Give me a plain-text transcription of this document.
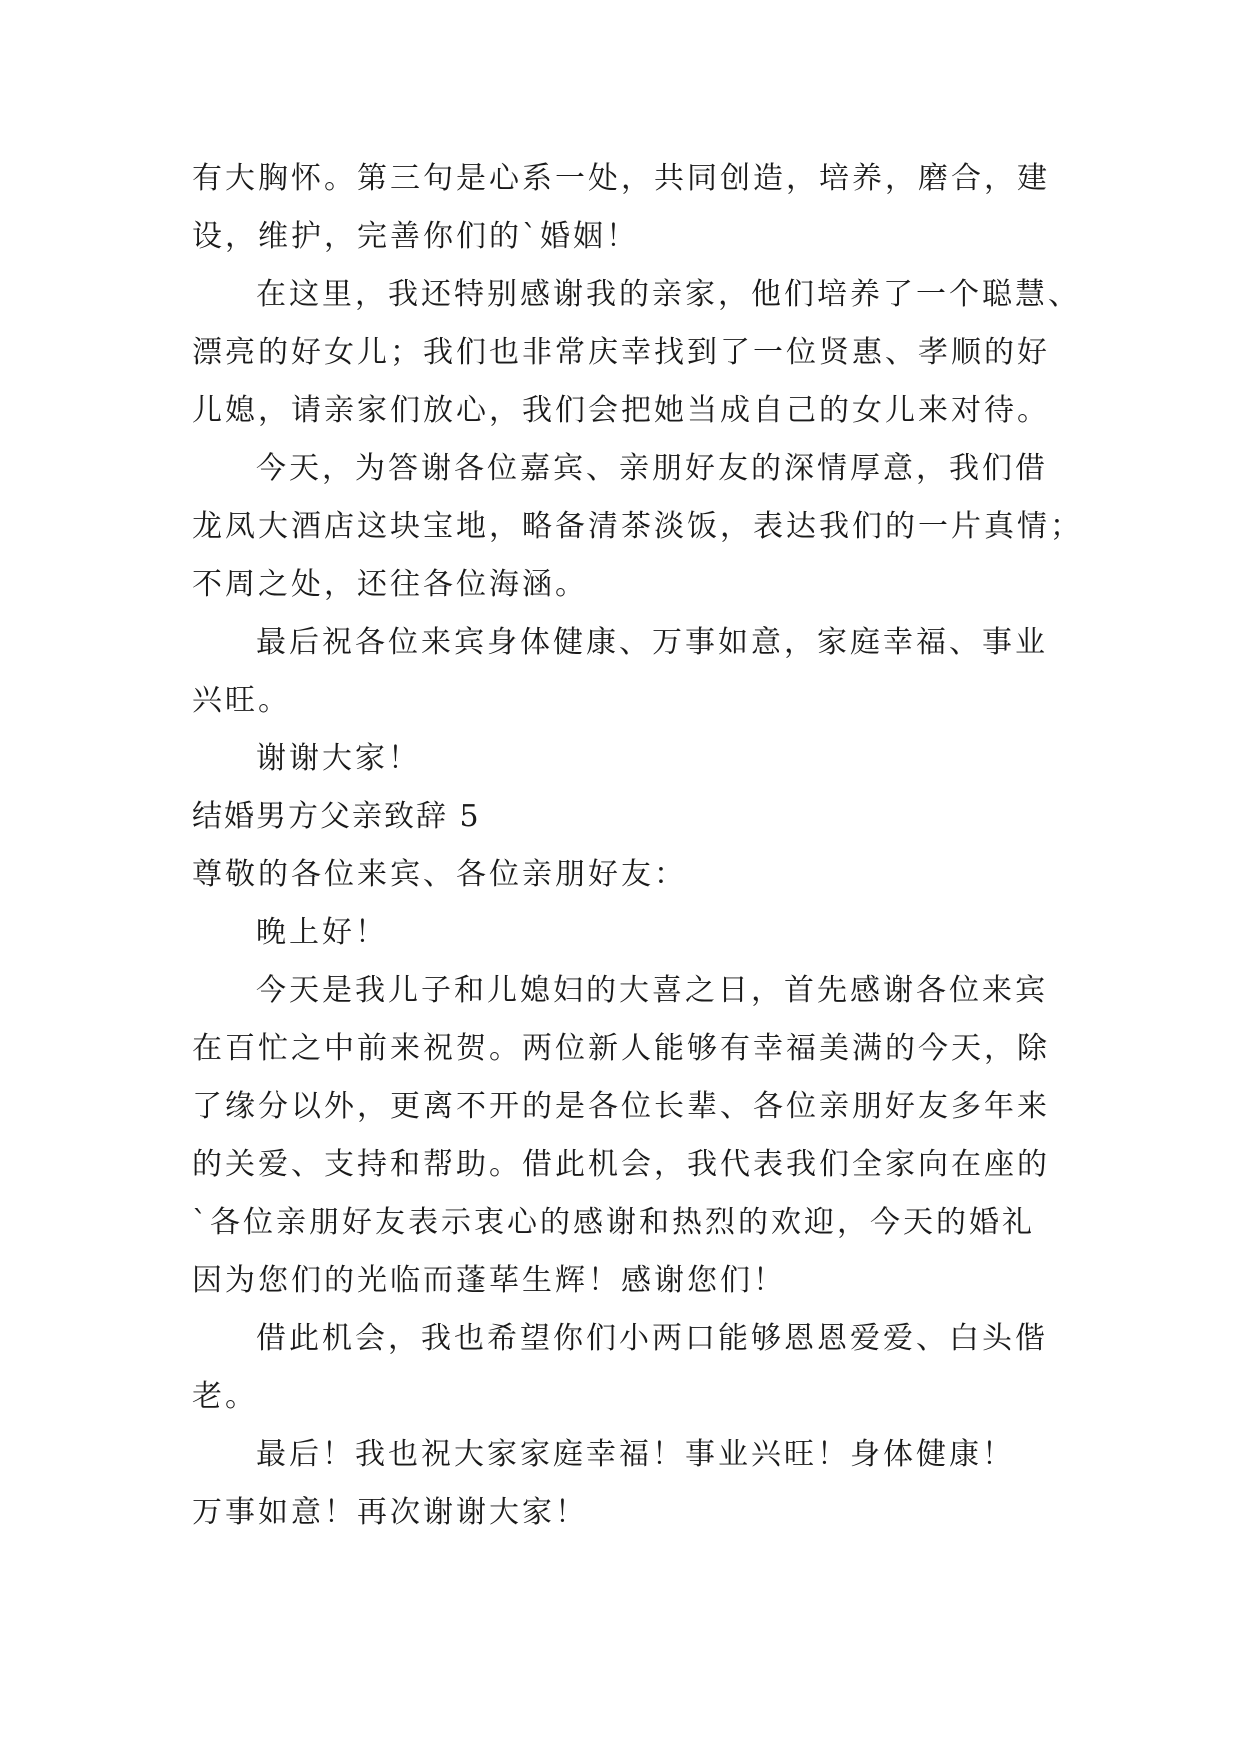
有大胸怀。第三句是心系一处，共同创造，培养，磨合，建
设，维护，完善你们的`婚姻！
在这里，我还特别感谢我的亲家，他们培养了一个聪慧、
漂亮的好女儿；我们也非常庆幸找到了一位贤惠、孝顺的好
儿媳，请亲家们放心，我们会把她当成自己的女儿来对待。
今天，为答谢各位嘉宾、亲朋好友的深情厚意，我们借
龙凤大酒店这块宝地，略备清茶淡饭，表达我们的一片真情；
不周之处，还往各位海涵。
最后祝各位来宾身体健康、万事如意，家庭幸福、事业
兴旺。
谢谢大家！
结婚男方父亲致辞 5
尊敬的各位来宾、各位亲朋好友：
晚上好！
今天是我儿子和儿媳妇的大喜之日，首先感谢各位来宾
在百忙之中前来祝贺。两位新人能够有幸福美满的今天，除
了缘分以外，更离不开的是各位长辈、各位亲朋好友多年来
的关爱、支持和帮助。借此机会，我代表我们全家向在座的
`各位亲朋好友表示衷心的感谢和热烈的欢迎，今天的婚礼
因为您们的光临而蓬荜生辉！感谢您们！
借此机会，我也希望你们小两口能够恩恩爱爱、白头偕
老。
最后！我也祝大家家庭幸福！事业兴旺！身体健康！
万事如意！再次谢谢大家！
